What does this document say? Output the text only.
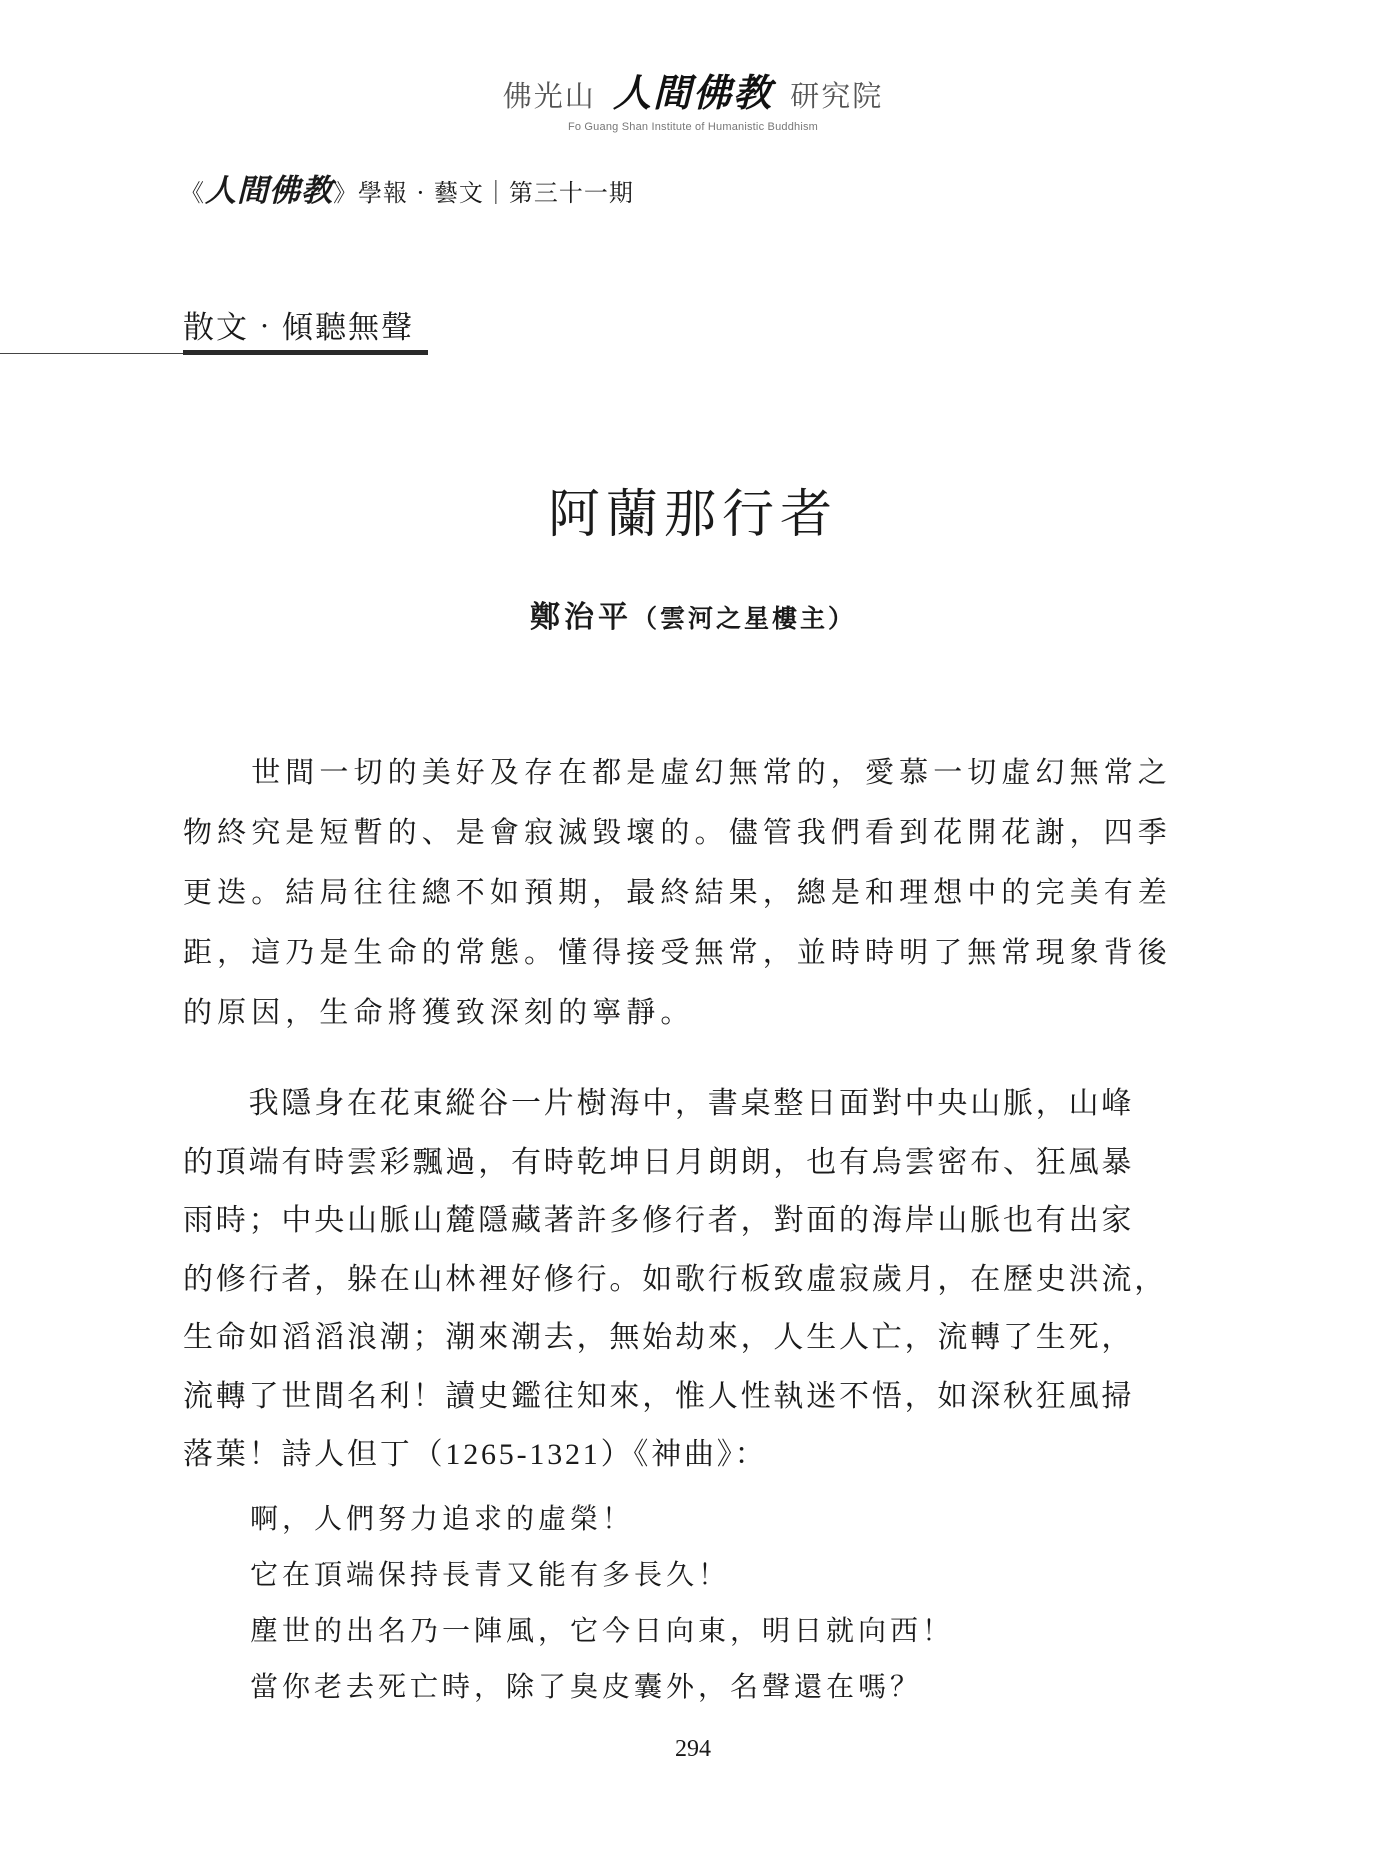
佛光山 人間佛教 研究院
Fo Guang Shan Institute of Humanistic Buddhism
《人間佛教》學報 · 藝文｜第三十一期
散文‧傾聽無聲
阿蘭那行者
鄭治平（雲河之星樓主）
　　世間一切的美好及存在都是虛幻無常的，愛慕一切虛幻無常之
物終究是短暫的、是會寂滅毀壞的。儘管我們看到花開花謝，四季
更迭。結局往往總不如預期，最終結果，總是和理想中的完美有差
距，這乃是生命的常態。懂得接受無常，並時時明了無常現象背後
的原因，生命將獲致深刻的寧靜。
　　我隱身在花東縱谷一片樹海中，書桌整日面對中央山脈，山峰
的頂端有時雲彩飄過，有時乾坤日月朗朗，也有烏雲密布、狂風暴
雨時；中央山脈山麓隱藏著許多修行者，對面的海岸山脈也有出家
的修行者，躲在山林裡好修行。如歌行板致虛寂歲月，在歷史洪流，
生命如滔滔浪潮；潮來潮去，無始劫來，人生人亡，流轉了生死，
流轉了世間名利！讀史鑑往知來，惟人性執迷不悟，如深秋狂風掃
落葉！詩人但丁（1265-1321）《神曲》：
啊，人們努力追求的虛榮！
它在頂端保持長青又能有多長久！
塵世的出名乃一陣風，它今日向東，明日就向西！
當你老去死亡時，除了臭皮囊外，名聲還在嗎？
294
